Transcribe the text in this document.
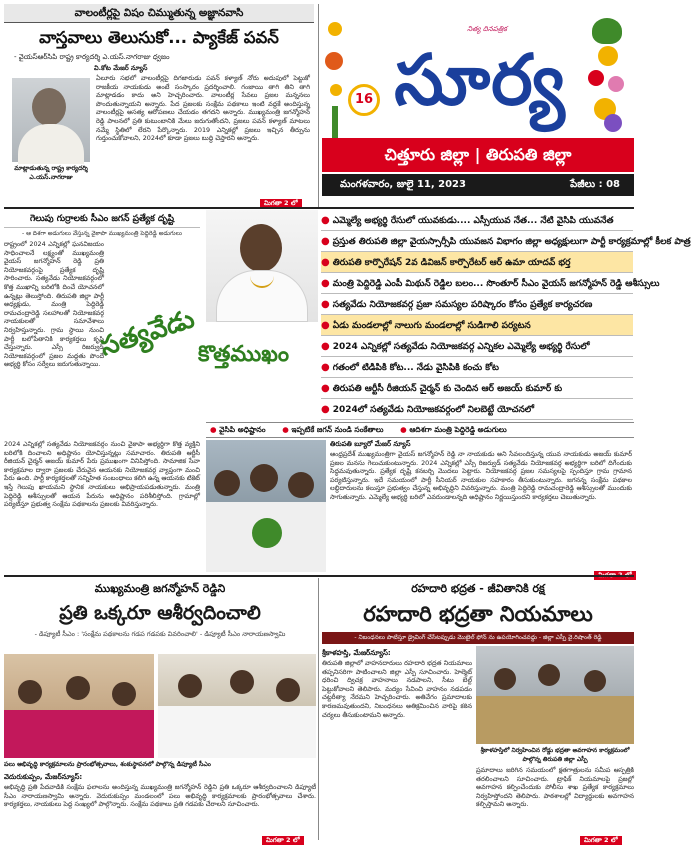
వాలంటీర్లపై విషం చిమ్ముతున్న అజ్ఞానవాసి
వాస్తవాలు తెలుసుకో... ప్యాకేజ్ పవన్
- వైయస్‌ఆర్‌సిపి రాష్ట్ర కార్యదర్శి ఎ.యస్.నాగరాజు ధ్వజం
వి.కోట మేజర్ న్యూస్
మాట్లాడుతున్న రాష్ట్ర కార్యదర్శి ఎ.యస్.నాగరాజు
ఏలూరు సభలో వాలంటీర్లపై దిగజారుడు పవన్ కళ్యాణ్ నోరు అదుపులో పెట్టుకో రాజకీయ నాయకుడు అంటే సంస్కారం ప్రదర్శించాలి. గంజాయి తాగి తిని తాగి మాట్లాడడం కాదు అని హెచ్చరించారు. వాలంటీర్ల సేవలు ప్రజల మన్ననలు పొందుతున్నాయని అన్నారు. పేద ప్రజలకు సంక్షేమ పథకాలు ఇంటి వద్దకే అందిస్తున్న వాలంటీర్లపై అసత్య ఆరోపణలు చేయడం తగదని అన్నారు. ముఖ్యమంత్రి జగన్మోహన్ రెడ్డి పాలనలో ప్రతి కుటుంబానికి మేలు జరుగుతోందని, ప్రజలు పవన్ కళ్యాణ్ మాటలు నమ్మే స్థితిలో లేరని పేర్కొన్నారు. 2019 ఎన్నికల్లో ప్రజలు ఇచ్చిన తీర్పును గుర్తుంచుకోవాలని, 2024లో కూడా ప్రజలు బుద్ధి చెప్తారని అన్నారు.
మిగతా 2 లో
నిత్య దినపత్రిక
16 సూర్య
చిత్తూరు జిల్లా | తిరుపతి జిల్లా
మంగళవారం, జులై 11, 2023	పేజీలు : 08
గెలుపు గుర్రాలకు సీఎం జగన్ ప్రత్యేక దృష్టి
- ఆ దిశగా అడుగులు వేస్తున్న వైకాపా ముఖ్యమంత్రి పెద్దిరెడ్డి అడుగులు
రాష్ట్రంలో 2024 ఎన్నికల్లో ఘనవిజయం సాధించాలనే లక్ష్యంతో ముఖ్యమంత్రి వైయస్ జగన్మోహన్ రెడ్డి ప్రతి నియోజకవర్గంపై ప్రత్యేక దృష్టి సారించారు. సత్యవేడు నియోజకవర్గంలో కొత్త ముఖాన్ని బరిలోకి దించే యోచనలో ఉన్నట్లు తెలుస్తోంది. తిరుపతి జిల్లా పార్టీ అధ్యక్షుడు, మంత్రి పెద్దిరెడ్డి రామచంద్రారెడ్డి సలహాలతో నియోజకవర్గ నాయకులతో సమావేశాలు నిర్వహిస్తున్నారు. గ్రామ స్థాయి నుంచి పార్టీ బలోపేతానికి కార్యకర్తలు కృషి చేస్తున్నారు. ఎస్సీ రిజర్వుడ్ నియోజకవర్గంలో ప్రజల మద్దతు పొందే అభ్యర్థి కోసం సర్వేలు జరుగుతున్నాయి.
సత్యవేడు కొత్తముఖం
● ఎమ్మెల్యే అభ్యర్థి రేసులో యువకుడు.... ఎస్సీయువ నేత... నేటి వైసిపి యువనేత
● ప్రస్తుత తిరుపతి జిల్లా వైయస్సార్సీపి యువజన విభాగం జిల్లా అధ్యక్షులుగా పార్టీ కార్యక్రమాల్లో కీలక పాత్ర
● తిరుపతి కార్పొరేషన్ 2వ డివిజన్ కార్పొరేటర్ ఆర్ ఉమా యాదవ్ భర్త
● మంత్రి పెద్దిరెడ్డి ఎంపీ మిథున్ రెడ్డిల బలం... సొంతూర్ సీఎం వైయస్ జగన్మోహన్ రెడ్డి ఆశీస్సులు
● సత్యవేడు నియోజకవర్గ ప్రజా సమస్యల పరిష్కారం కోసం ప్రత్యేక కార్యచరణ
● ఏడు మండలాల్లో నాలుగు మండలాల్లో సుడిగాలి పర్యటన
● 2024 ఎన్నికల్లో సత్యవేడు నియోజకవర్గ ఎన్నికల ఎమ్మెల్యే అభ్యర్థి రేసులో
● గతంలో టిడిపికి కోట... నేడు వైసిపికి కంచు కోట
● తిరుపతి ఆర్టీసీ రీజియన్ చైర్మన్ కు చెందిన ఆర్ అజయ్ కుమార్ కు
● 2024లో సత్యవేడు నియోజకవర్గంలో నిలబెట్టే యోచనలో
● వైసిపి అధిష్టానం ● ఇప్పటికే జగన్ నుండి సంకేతాలు ● ఆదిశగా మంత్రి పెద్దిరెడ్డి అడుగులు
2024 ఎన్నికల్లో సత్యవేడు నియోజకవర్గం నుంచి వైకాపా అభ్యర్థిగా కొత్త వ్యక్తిని బరిలోకి దించాలని అధిష్టానం యోచిస్తున్నట్లు సమాచారం. తిరుపతి ఆర్టీసీ రీజియన్ చైర్మన్ అజయ్ కుమార్ పేరు ప్రముఖంగా వినిపిస్తోంది. సామాజిక సేవా కార్యక్రమాల ద్వారా ప్రజలకు చేరువైన ఆయనకు నియోజకవర్గ వ్యాప్తంగా మంచి పేరు ఉంది. పార్టీ కార్యకర్తలతో సన్నిహిత సంబంధాలు కలిగి ఉన్న ఆయనకు టికెట్ ఇస్తే గెలుపు ఖాయమని స్థానిక నాయకులు అభిప్రాయపడుతున్నారు. మంత్రి పెద్దిరెడ్డి ఆశీస్సులతో ఆయన పేరును అధిష్టానం పరిశీలిస్తోంది. గ్రామాల్లో పర్యటిస్తూ ప్రభుత్వ సంక్షేమ పథకాలను ప్రజలకు వివరిస్తున్నారు.
తిరుపతి బ్యూరో మేజర్ న్యూస్
ఆంధ్రప్రదేశ్ ముఖ్యమంత్రిగా వైయస్ జగన్మోహన్ రెడ్డి నా నాయకుడు అని సేవలందిస్తున్న యువ నాయకుడు అజయ్ కుమార్ ప్రజల మనసు గెలుచుకుంటున్నారు. 2024 ఎన్నికల్లో ఎస్సీ రిజర్వుడ్ సత్యవేడు నియోజకవర్గ అభ్యర్థిగా బరిలో దిగేందుకు సిద్ధమవుతున్నారు. ప్రత్యేక దృష్టి కనబర్చి మొదలు పెట్టారు. నియోజకవర్గ ప్రజల సమస్యలపై స్పందిస్తూ గ్రామ గ్రామాన పర్యటిస్తున్నారు. ఇదే సమయంలో పార్టీ సీనియర్ నాయకుల సహకారం తీసుకుంటున్నారు. జగనన్న సంక్షేమ పథకాల లబ్ధిదారులను కలుస్తూ ప్రభుత్వం చేస్తున్న అభివృద్ధిని వివరిస్తున్నారు. మంత్రి పెద్దిరెడ్డి రామచంద్రారెడ్డి ఆశీస్సులతో ముందుకు సాగుతున్నారు. ఎమ్మెల్యే అభ్యర్థి బరిలో ఎవరుండాలన్నది అధిష్టానం నిర్ణయిస్తుందని కార్యకర్తలు చెబుతున్నారు.
ముఖ్యమంత్రి జగన్మోహన్ రెడ్డిని
ప్రతి ఒక్కరూ ఆశీర్వదించాలి
- డిప్యూటీ సీఎం : 'సంక్షేమ పథకాలను గడప గడపకు వివరించాలి' - డిప్యూటీ సీఎం నారాయణస్వామి
పలు అభివృద్ధి కార్యక్రమాలను ప్రారంభోత్సవాలు, శంకుస్థాపనలో పాల్గొన్న డిప్యూటీ సీఎం
వెదురుకుప్పం, మేజర్‌న్యూస్:
అభివృద్ధి ప్రతి పేదవాడికి సంక్షేమ ఫలాలను అందిస్తున్న ముఖ్యమంత్రి జగన్మోహన్ రెడ్డిని ప్రతి ఒక్కరూ ఆశీర్వదించాలని డిప్యూటీ సీఎం నారాయణస్వామి అన్నారు. వెదురుకుప్పం మండలంలో పలు అభివృద్ధి కార్యక్రమాలకు ప్రారంభోత్సవాలు చేశారు. కార్యకర్తలు, నాయకులు పెద్ద సంఖ్యలో పాల్గొన్నారు. సంక్షేమ పథకాలు ప్రతి గడపకు చేరాలని సూచించారు.
మిగతా 2 లో
రహదారి భద్రత - జీవితానికి రక్ష
రహదారి భద్రతా నియమాలు
- నిబంధనలు పాటిస్తూ డ్రైవింగ్ చేసేటప్పుడు మొబైల్ ఫోన్ ను ఉపయోగించవద్దు - జిల్లా ఎస్పీ వై.రిషాంత్ రెడ్డి
శ్రీకాళహస్తి, మేజర్‌న్యూస్:
తిరుపతి జిల్లాలో వాహనదారులు రహదారి భద్రత నియమాలు తప్పనిసరిగా పాటించాలని జిల్లా ఎస్పీ సూచించారు. హెల్మెట్ ధరించి ద్విచక్ర వాహనాలు నడపాలని, సీటు బెల్ట్ పెట్టుకోవాలని తెలిపారు. మద్యం సేవించి వాహనం నడపడం చట్టరీత్యా నేరమని హెచ్చరించారు. అతివేగం ప్రమాదాలకు కారణమవుతుందని, నిబంధనలు అతిక్రమించిన వారిపై కఠిన చర్యలు తీసుకుంటామని అన్నారు.
శ్రీకాళహస్తిలో నిర్వహించిన రోడ్డు భద్రతా అవగాహన కార్యక్రమంలో పాల్గొన్న తిరుపతి జిల్లా ఎస్పీ
ప్రమాదాలు జరిగిన సమయంలో క్షతగాత్రులను సమీప ఆస్పత్రికి తరలించాలని సూచించారు. ట్రాఫిక్ నియమాలపై ప్రజల్లో అవగాహన కల్పించేందుకు పోలీసు శాఖ ప్రత్యేక కార్యక్రమాలు నిర్వహిస్తోందని తెలిపారు. పాఠశాలల్లో విద్యార్థులకు అవగాహన కల్పిస్తామని అన్నారు.
మిగతా 2 లో
